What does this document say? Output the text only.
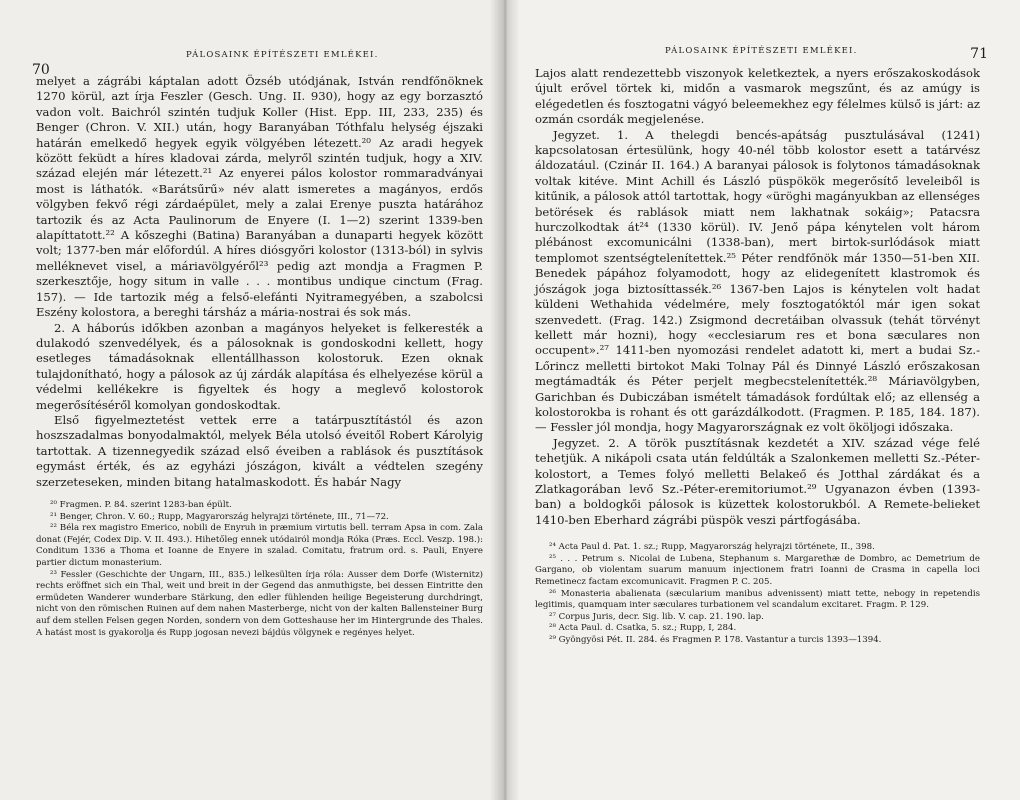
70
PÁLOSAINK ÉPÍTÉSZETI EMLÉKEI.

melyet a zágrábi káptalan adott Özséb utódjának, István rendfőnöknek 1270 körül, azt írja Feszler (Gesch. Ung. II. 930), hogy az egy borzasztó vadon volt. Baichról szintén tudjuk Koller (Hist. Epp. III, 233, 235) és Benger (Chron. V. XII.) után, hogy Baranyában Tóthfalu helység éjszaki határán emelkedő hegyek egyik völgyében létezett.²⁰ Az aradi hegyek között feküdt a híres kladovai zárda, melyről szintén tudjuk, hogy a XIV. század elején már létezett.²¹ Az enyerei pálos kolostor rommaradványai most is láthatók. «Barátsűrű» név alatt ismeretes a magányos, erdős völgyben fekvő régi zárdaépület, mely a zalai Erenye puszta határához tartozik és az Acta Paulinorum de Enyere (I. 1—2) szerint 1339-ben alapíttatott.²² A kőszeghi (Batina) Baranyában a dunaparti hegyek között volt; 1377-ben már előfordúl. A híres diósgyőri kolostor (1313-ból) in sylvis melléknevet visel, a máriavölgyéről²³ pedig azt mondja a Fragmen P. szerkesztője, hogy situm in valle . . . montibus undique cinctum (Frag. 157). — Ide tartozik még a felső-elefánti Nyitramegyében, a szabolcsi Eszény kolostora, a bereghi társház a mária-nostrai és sok más.

2. A háborús időkben azonban a magányos helyeket is felkeresték a dulakodó szenvedélyek, és a pálosoknak is gondoskodni kellett, hogy esetleges támadásoknak ellentállhasson kolostoruk. Ezen oknak tulajdonítható, hogy a pálosok az új zárdák alapítása és elhelyezése körül a védelmi kellékekre is figyeltek és hogy a meglevő kolostorok megerősítéséről komolyan gondoskodtak.

Első figyelmeztetést vettek erre a tatárpusztítástól és azon hoszszadalmas bonyodalmaktól, melyek Béla utolsó éveitől Robert Károlyig tartottak. A tizennegyedik század első éveiben a rablások és pusztítások egymást érték, és az egyházi jószágon, kivált a védtelen szegény szerzeteseken, minden bitang hatalmaskodott. És habár Nagy

²⁰ Fragmen. P. 84. szerint 1283-ban épült.

²¹ Benger, Chron. V. 60.; Rupp, Magyarország helyrajzi története, III., 71—72.

²² Béla rex magistro Emerico, nobili de Enyruh in præmium virtutis bell. terram Apsa in com. Zala donat (Fejér, Codex Dip. V. II. 493.). Hihetőleg ennek utódairól mondja Róka (Præs. Eccl. Veszp. 198.): Conditum 1336 a Thoma et Ioanne de Enyere in szalad. Comitatu, fratrum ord. s. Pauli, Enyere partier dictum monasterium.

²³ Fessler (Geschichte der Ungarn, III., 835.) lelkesülten írja róla: Ausser dem Dorfe (Wisternitz) rechts eröffnet sich ein Thal, weit und breit in der Gegend das anmuthigste, bei dessen Eintritte den ermüdeten Wanderer wunderbare Stärkung, den edler fühlenden heilige Begeisterung durchdringt, nicht von den römischen Ruinen auf dem nahen Masterberge, nicht von der kalten Ballensteiner Burg auf dem stellen Felsen gegen Norden, sondern von dem Gotteshause her im Hintergrunde des Thales. A hatást most is gyakorolja és Rupp jogosan nevezi bájdús völgynek e regényes helyet.

PÁLOSAINK ÉPÍTÉSZETI EMLÉKEI.	71

Lajos alatt rendezettebb viszonyok keletkeztek, a nyers erőszakoskodások újult erővel törtek ki, midőn a vasmarok megszűnt, és az amúgy is elégedetlen és fosztogatni vágyó beleemekhez egy félelmes külső is járt: az ozmán csordák megjelenése.

Jegyzet. 1. A thelegdi bencés-apátság pusztulásával (1241) kapcsolatosan értesülünk, hogy 40-nél több kolostor esett a tatárvész áldozatául. (Czinár II. 164.) A baranyai pálosok is folytonos támadásoknak voltak kitéve. Mint Achill és László püspökök megerősítő leveleiből is kitűnik, a pálosok attól tartottak, hogy «üröghi magányukban az ellenséges betörések és rablások miatt nem lakhatnak sokáig»; Patacsra hurczolkodtak át²⁴ (1330 körül). IV. Jenő pápa kénytelen volt három plébánost excomunicálni (1338-ban), mert birtok-surlódások miatt templomot szentségtelenítettek.²⁵ Péter rendfőnök már 1350—51-ben XII. Benedek pápához folyamodott, hogy az elidegenített klastromok és jószágok joga biztosíttassék.²⁶ 1367-ben Lajos is kénytelen volt hadat küldeni Wethahida védelmére, mely fosztogatóktól már igen sokat szenvedett. (Frag. 142.) Zsigmond decretáiban olvassuk (tehát törvényt kellett már hozni), hogy «ecclesiarum res et bona sæculares non occupent».²⁷ 1411-ben nyomozási rendelet adatott ki, mert a budai Sz.-Lőrincz melletti birtokot Maki Tolnay Pál és Dinnyé László erőszakosan megtámadták és Péter perjelt megbecstelenítették.²⁸ Máriavölgyben, Garichban és Dubiczában ismételt támadások fordúltak elő; az ellenség a kolostorokba is rohant és ott garázdálkodott. (Fragmen. P. 185, 184. 187). — Fessler jól mondja, hogy Magyarországnak ez volt ököljogi időszaka.

Jegyzet. 2. A török pusztításnak kezdetét a XIV. század vége felé tehetjük. A nikápoli csata után feldúlták a Szalonkemen melletti Sz.-Péter-kolostort, a Temes folyó melletti Belakeő és Jotthal zárdákat és a Zlatkagorában levő Sz.-Péter-eremitoriumot.²⁹ Ugyanazon évben (1393-ban) a boldogkői pálosok is küzettek kolostorukból. A Remete-belieket 1410-ben Eberhard zágrábi püspök veszi pártfogásába.

²⁴ Acta Paul d. Pat. 1. sz.; Rupp, Magyarország helyrajzi története, II., 398.

²⁵ . . . Petrum s. Nicolai de Lubena, Stephanum s. Margarethæ de Dombro, ac Demetrium de Gargano, ob violentam suarum manuum injectionem fratri Ioanni de Crasma in capella loci Remetinecz factam excomunicavit. Fragmen P. C. 205.

²⁶ Monasteria abalienata (sæcularium manibus advenissent) miatt tette, nebogy in repetendis legitimis, quamquam inter sæculares turbationem vel scandalum excitaret. Fragm. P. 129.

²⁷ Corpus Juris, decr. Sig. lib. V. cap. 21. 190. lap.

²⁸ Acta Paul. d. Csatka, 5. sz.; Rupp, I, 284.

²⁹ Gyöngyösi Pét. II. 284. és Fragmen P. 178. Vastantur a turcis 1393—1394.
